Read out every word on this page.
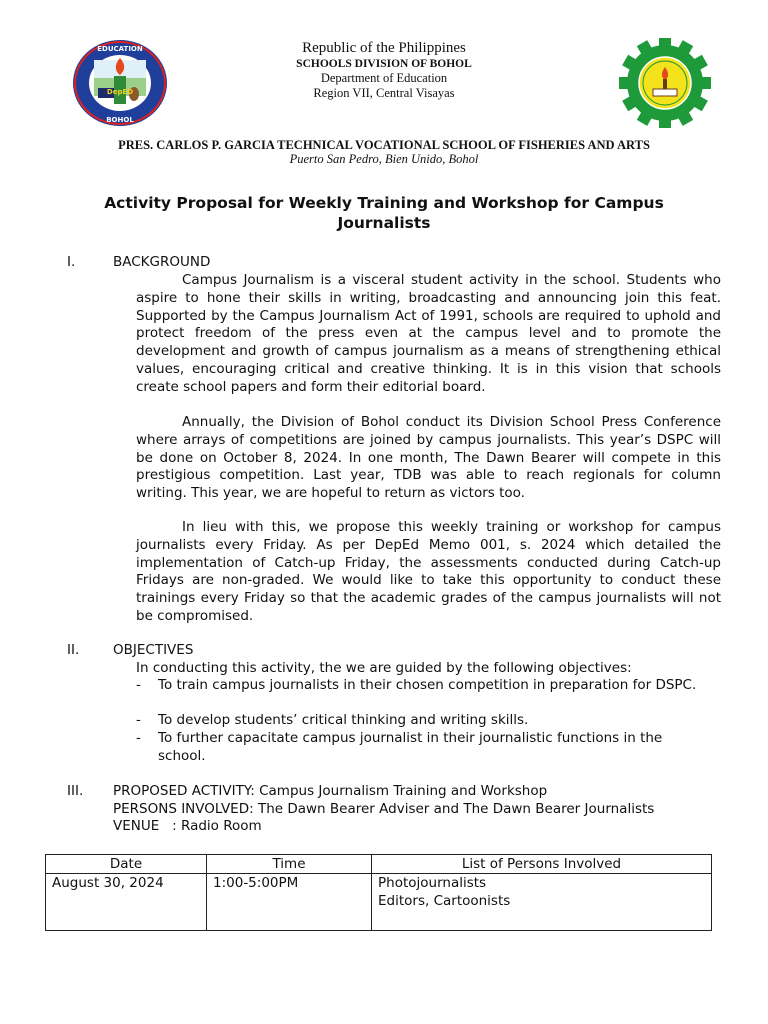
DepED
EDUCATION
BOHOL
Republic of the Philippines
SCHOOLS DIVISION OF BOHOL
Department of Education
Region VII, Central Visayas
PRES. CARLOS P. GARCIA TECHNICAL VOCATIONAL SCHOOL OF FISHERIES AND ARTS
Puerto San Pedro, Bien Unido, Bohol
Activity Proposal for Weekly Training and Workshop for Campus Journalists
I.	BACKGROUND
Campus Journalism is a visceral student activity in the school. Students who aspire to hone their skills in writing, broadcasting and announcing join this feat. Supported by the Campus Journalism Act of 1991, schools are required to uphold and protect freedom of the press even at the campus level and to promote the development and growth of campus journalism as a means of strengthening ethical values, encouraging critical and creative thinking. It is in this vision that schools create school papers and form their editorial board.
Annually, the Division of Bohol conduct its Division School Press Conference where arrays of competitions are joined by campus journalists. This year’s DSPC will be done on October 8, 2024. In one month, The Dawn Bearer will compete in this prestigious competition. Last year, TDB was able to reach regionals for column writing. This year, we are hopeful to return as victors too.
In lieu with this, we propose this weekly training or workshop for campus journalists every Friday. As per DepEd Memo 001, s. 2024 which detailed the implementation of Catch-up Friday, the assessments conducted during Catch-up Fridays are non-graded. We would like to take this opportunity to conduct these trainings every Friday so that the academic grades of the campus journalists will not be compromised.
II. OBJECTIVES
In conducting this activity, the we are guided by the following objectives:
-	To train campus journalists in their chosen competition in preparation for DSPC.
-	To develop students’ critical thinking and writing skills.
-	To further capacitate campus journalist in their journalistic functions in the school.
III.	PROPOSED ACTIVITY: Campus Journalism Training and Workshop
PERSONS INVOLVED: The Dawn Bearer Adviser and The Dawn Bearer Journalists
VENUE   : Radio Room
Date	Time	List of Persons Involved
August 30, 2024	1:00-5:00PM	Photojournalists
Editors, Cartoonists
